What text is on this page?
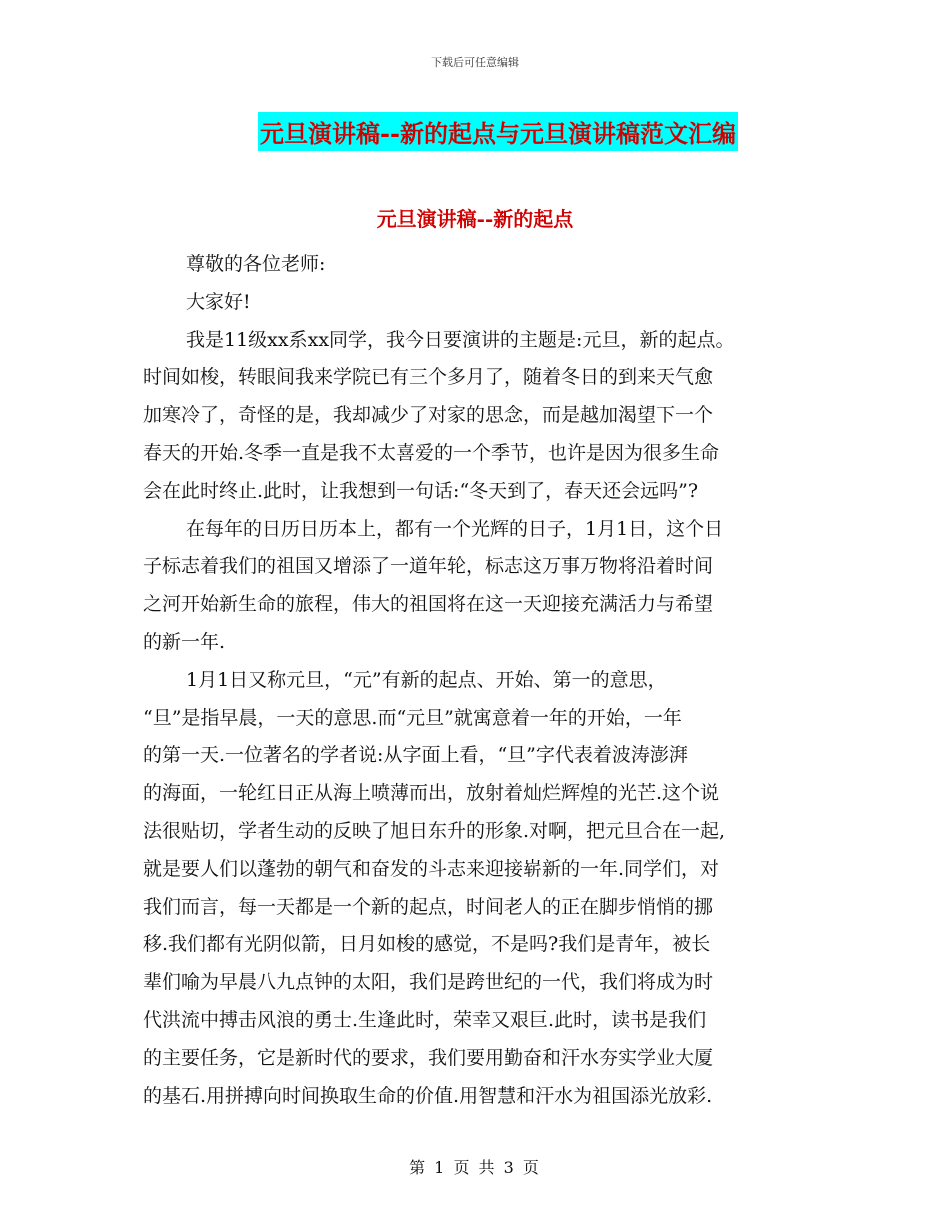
下载后可任意编辑
元旦演讲稿--新的起点与元旦演讲稿范文汇编
元旦演讲稿--新的起点
尊敬的各位老师:
大家好!
我是11级xx系xx同学，我今日要演讲的主题是:元旦，新的起点。
时间如梭，转眼间我来学院已有三个多月了，随着冬日的到来天气愈
加寒冷了，奇怪的是，我却减少了对家的思念，而是越加渴望下一个
春天的开始.冬季一直是我不太喜爱的一个季节，也许是因为很多生命
会在此时终止.此时，让我想到一句话:“冬天到了，春天还会远吗”?
在每年的日历日历本上，都有一个光辉的日子，1月1日，这个日
子标志着我们的祖国又增添了一道年轮，标志这万事万物将沿着时间
之河开始新生命的旅程，伟大的祖国将在这一天迎接充满活力与希望
的新一年.
1月1日又称元旦，“元”有新的起点、开始、第一的意思，
“旦”是指早晨，一天的意思.而“元旦”就寓意着一年的开始，一年
的第一天.一位著名的学者说:从字面上看，“旦”字代表着波涛澎湃
的海面，一轮红日正从海上喷薄而出，放射着灿烂辉煌的光芒.这个说
法很贴切，学者生动的反映了旭日东升的形象.对啊，把元旦合在一起,
就是要人们以蓬勃的朝气和奋发的斗志来迎接崭新的一年.同学们，对
我们而言，每一天都是一个新的起点，时间老人的正在脚步悄悄的挪
移.我们都有光阴似箭，日月如梭的感觉，不是吗?我们是青年，被长
辈们喻为早晨八九点钟的太阳，我们是跨世纪的一代，我们将成为时
代洪流中搏击风浪的勇士.生逢此时，荣幸又艰巨.此时，读书是我们
的主要任务，它是新时代的要求，我们要用勤奋和汗水夯实学业大厦
的基石.用拼搏向时间换取生命的价值.用智慧和汗水为祖国添光放彩.
第 1 页 共 3 页
